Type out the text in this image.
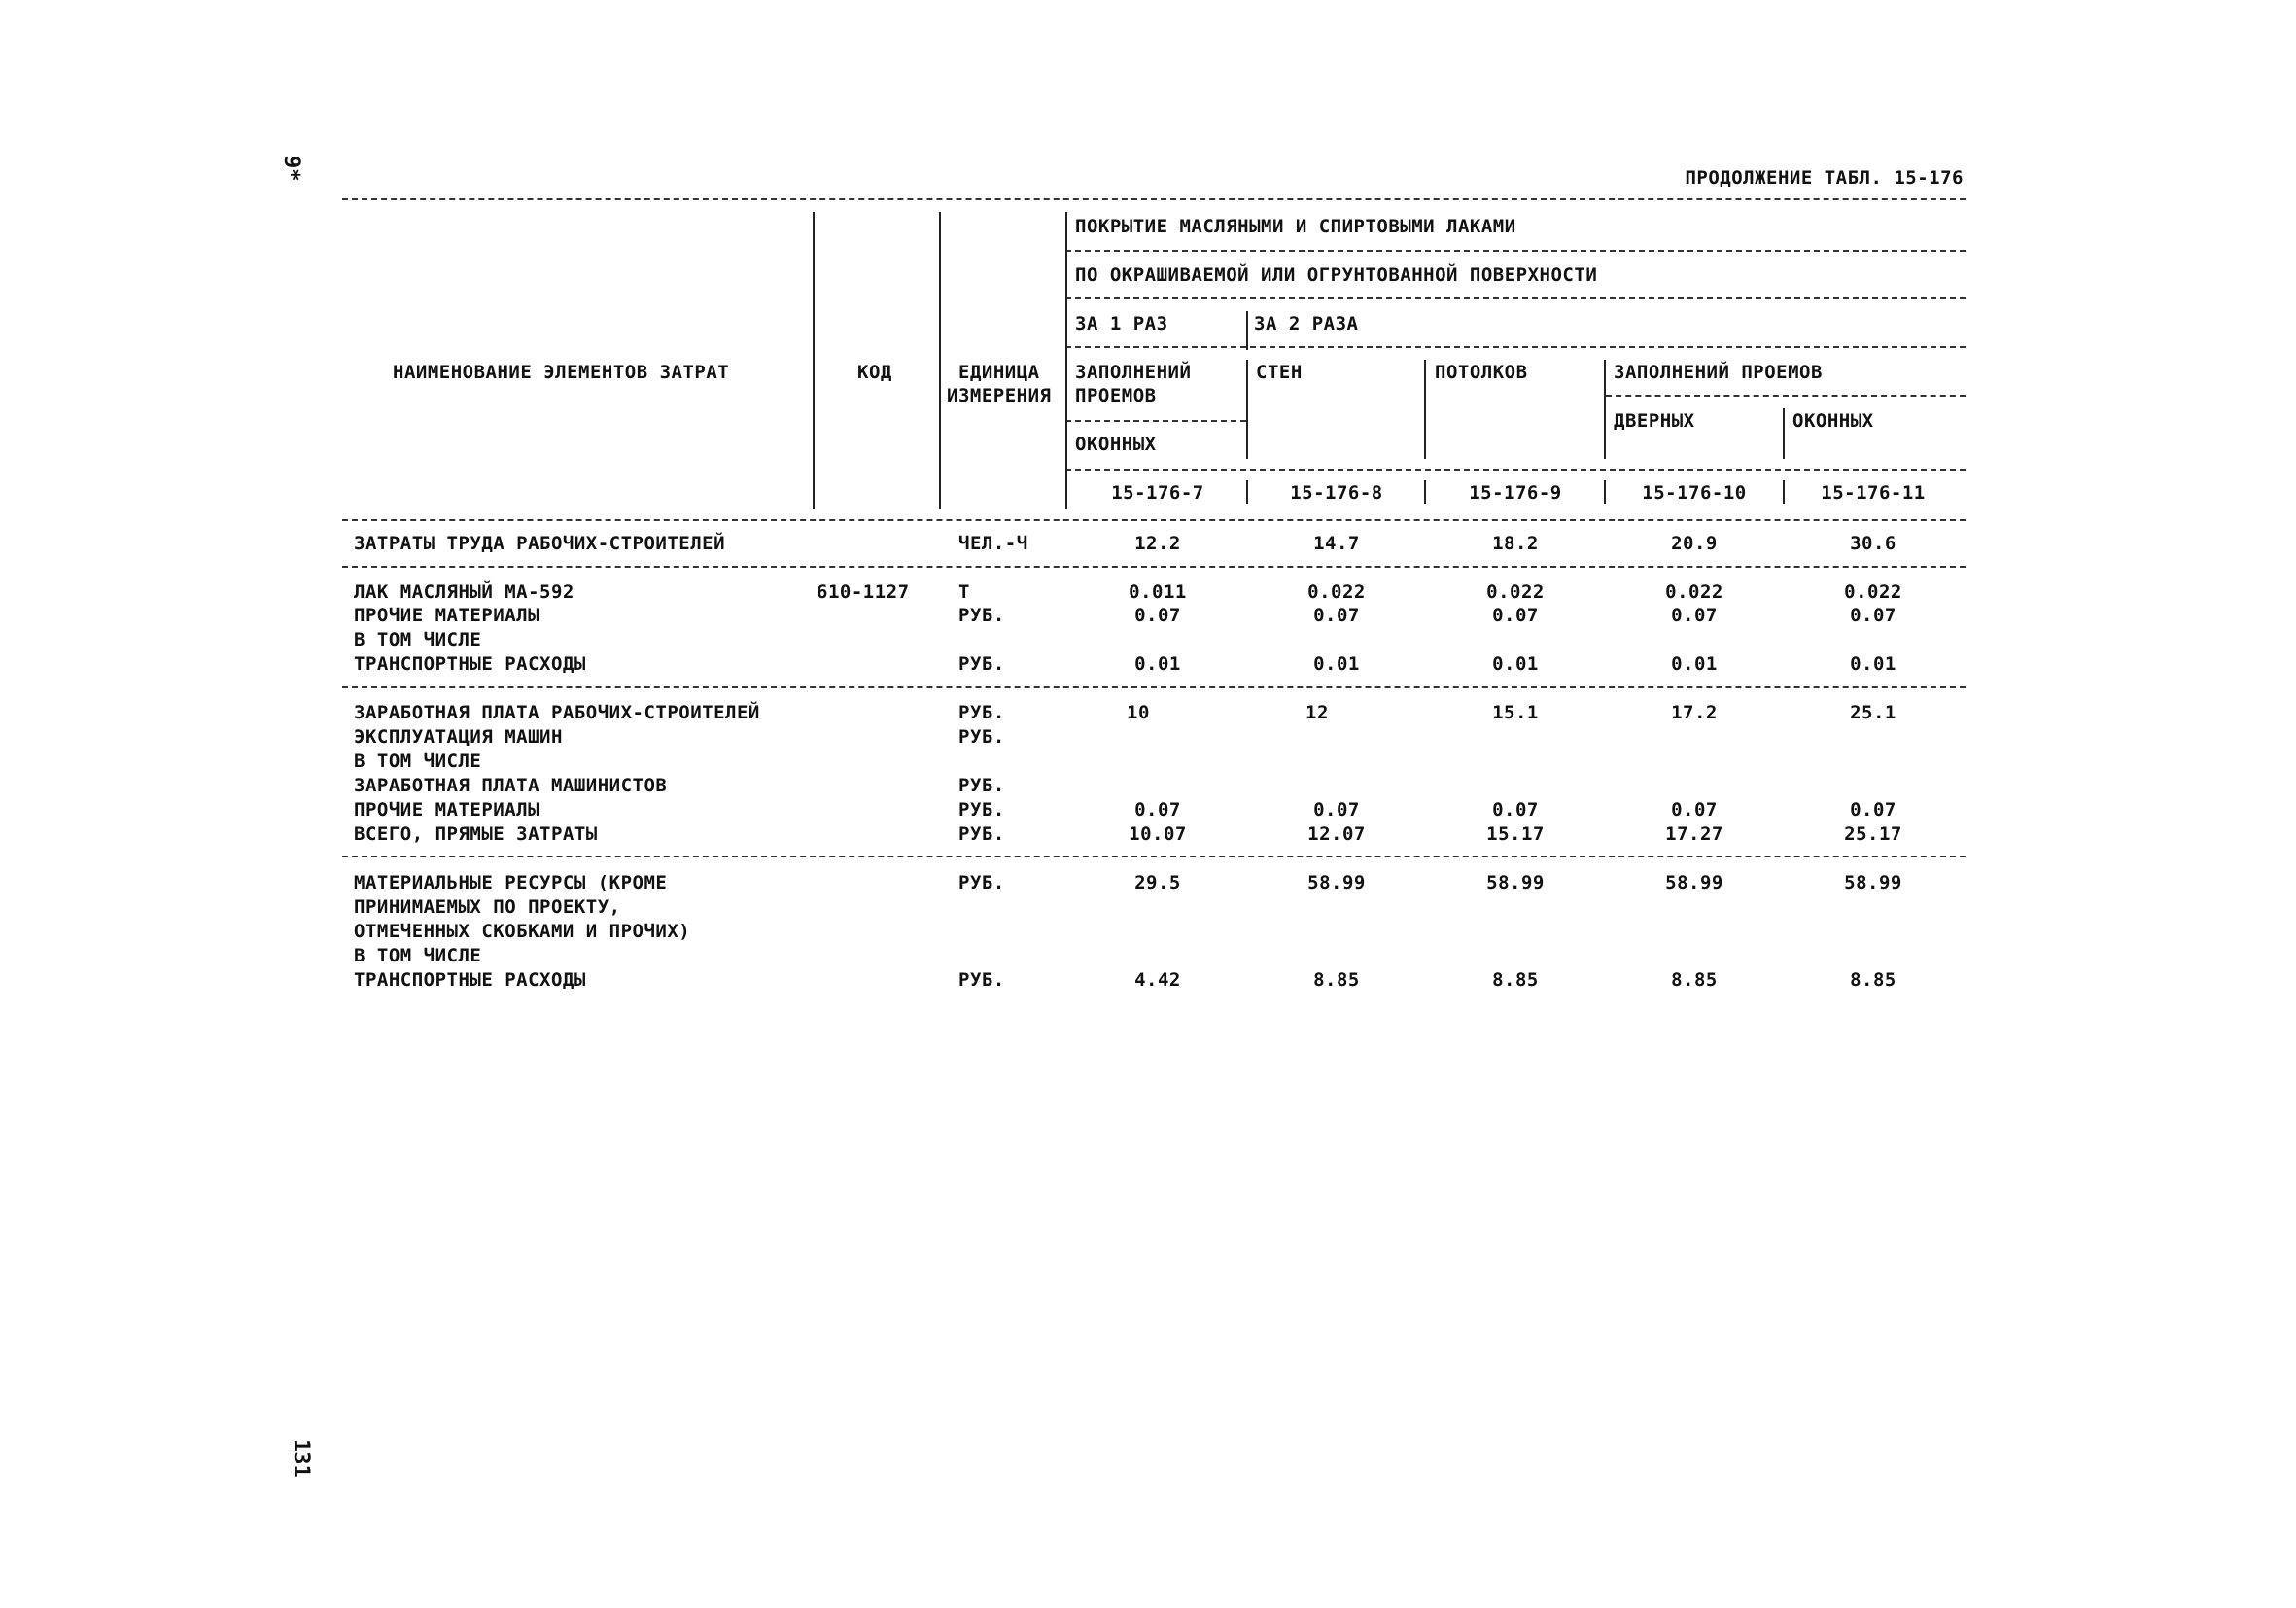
9*
131
ПРОДОЛЖЕНИЕ ТАБЛ. 15-176
НАИМЕНОВАНИЕ ЭЛЕМЕНТОВ ЗАТРАТ	КОД	ЕДИНИЦА
ИЗМЕРЕНИЯ
ПОКРЫТИЕ МАСЛЯНЫМИ И СПИРТОВЫМИ ЛАКАМИ
ПО ОКРАШИВАЕМОЙ ИЛИ ОГРУНТОВАННОЙ ПОВЕРХНОСТИ
ЗА 1 РАЗ	ЗА 2 РАЗА
ЗАПОЛНЕНИЙ
ПРОЕМОВ
ОКОННЫХ
СТЕН	ПОТОЛКОВ	ЗАПОЛНЕНИЙ ПРОЕМОВ
ДВЕРНЫХ	ОКОННЫХ
15-176-7	15-176-8	15-176-9	15-176-10	15-176-11
ЗАТРАТЫ ТРУДА РАБОЧИХ-СТРОИТЕЛЕЙ	ЧЕЛ.-Ч	12.2	14.7	18.2	20.9	30.6
ЛАК МАСЛЯНЫЙ МА-592	610-1127	Т	0.011	0.022	0.022	0.022	0.022
ПРОЧИЕ МАТЕРИАЛЫ	РУБ.	0.07	0.07	0.07	0.07	0.07
В ТОМ ЧИСЛЕ
ТРАНСПОРТНЫЕ РАСХОДЫ	РУБ.	0.01	0.01	0.01	0.01	0.01
ЗАРАБОТНАЯ ПЛАТА РАБОЧИХ-СТРОИТЕЛЕЙ	РУБ.	10	12	15.1	17.2	25.1
ЭКСПЛУАТАЦИЯ МАШИН	РУБ.
В ТОМ ЧИСЛЕ
ЗАРАБОТНАЯ ПЛАТА МАШИНИСТОВ	РУБ.
ПРОЧИЕ МАТЕРИАЛЫ	РУБ.	0.07	0.07	0.07	0.07	0.07
ВСЕГО, ПРЯМЫЕ ЗАТРАТЫ	РУБ.	10.07	12.07	15.17	17.27	25.17
МАТЕРИАЛЬНЫЕ РЕСУРСЫ (КРОМЕ	РУБ.	29.5	58.99	58.99	58.99	58.99
ПРИНИМАЕМЫХ ПО ПРОЕКТУ,
ОТМЕЧЕННЫХ СКОБКАМИ И ПРОЧИХ)
В ТОМ ЧИСЛЕ
ТРАНСПОРТНЫЕ РАСХОДЫ	РУБ.	4.42	8.85	8.85	8.85	8.85
